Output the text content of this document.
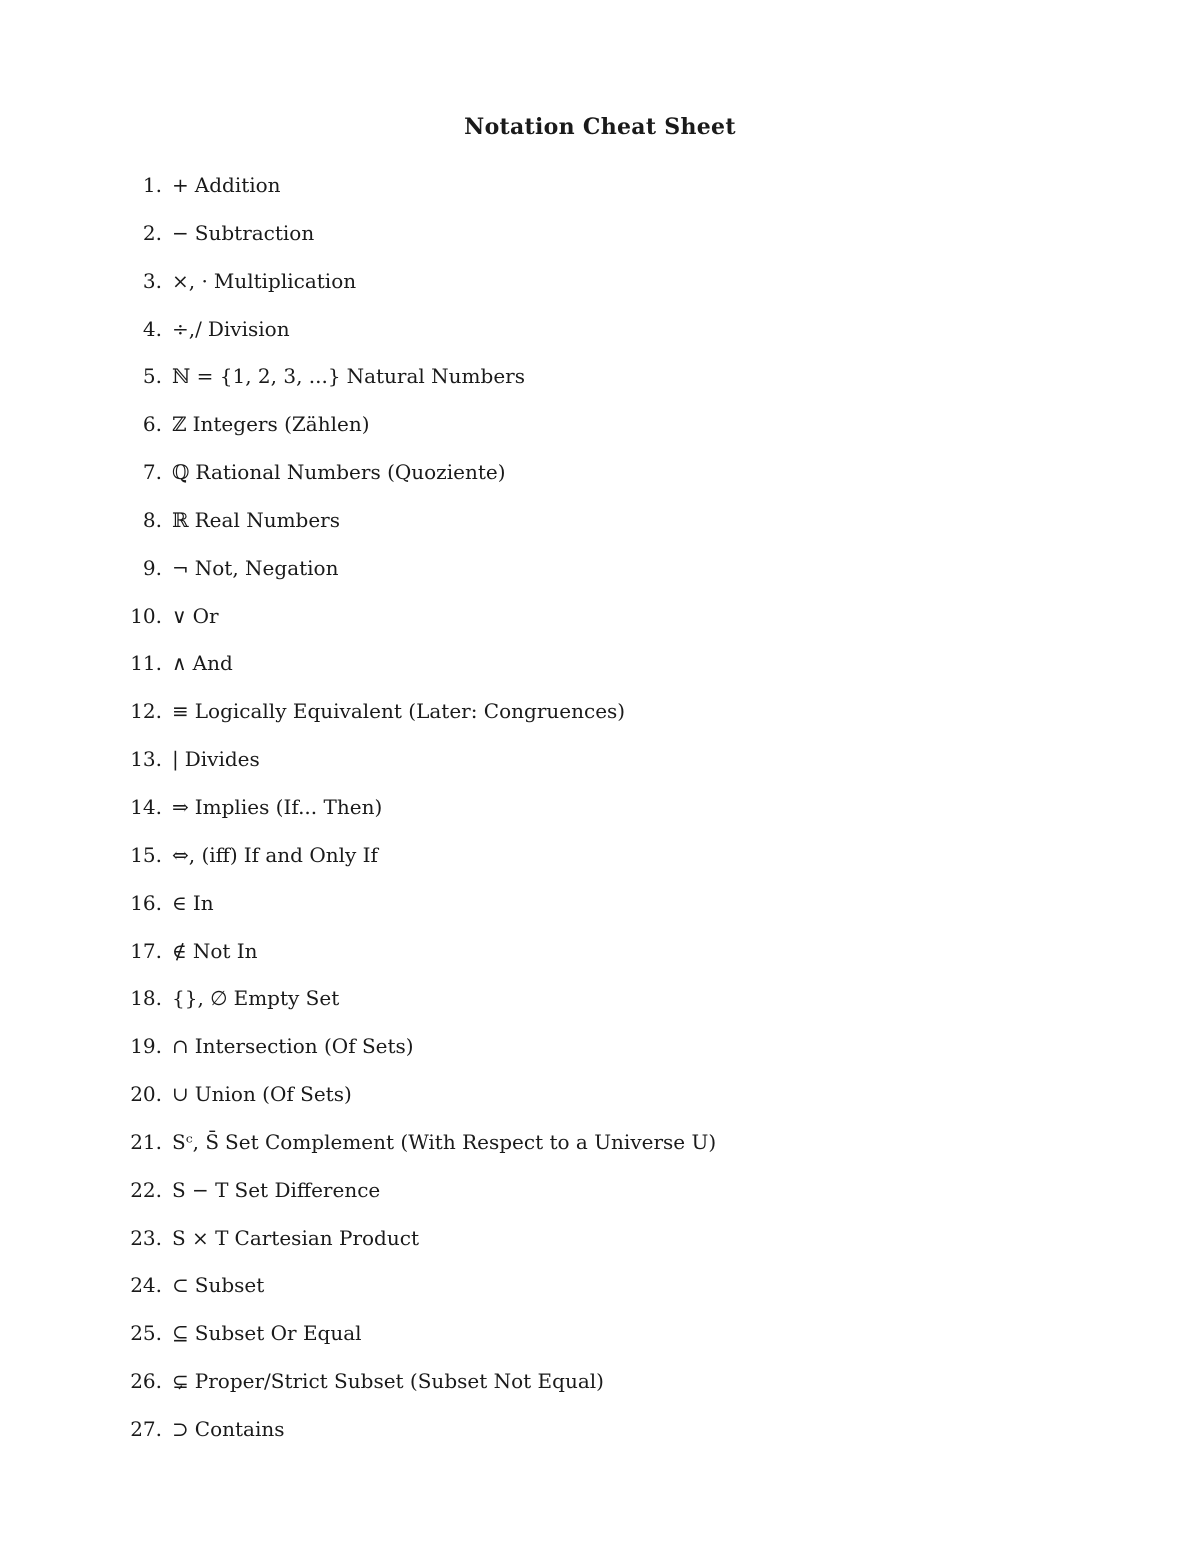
Notation Cheat Sheet
1. + Addition
2. − Subtraction
3. ×, · Multiplication
4. ÷,/ Division
5. ℕ = {1, 2, 3, ...} Natural Numbers
6. ℤ Integers (Zählen)
7. ℚ Rational Numbers (Quoziente)
8. ℝ Real Numbers
9. ¬ Not, Negation
10. ∨ Or
11. ∧ And
12. ≡ Logically Equivalent (Later: Congruences)
13. | Divides
14. ⇒ Implies (If... Then)
15. ⇔, (iff) If and Only If
16. ∈ In
17. ∉ Not In
18. {}, ∅ Empty Set
19. ∩ Intersection (Of Sets)
20. ∪ Union (Of Sets)
21. Sᶜ, S̄ Set Complement (With Respect to a Universe U)
22. S − T Set Difference
23. S × T Cartesian Product
24. ⊂ Subset
25. ⊆ Subset Or Equal
26. ⊊ Proper/Strict Subset (Subset Not Equal)
27. ⊃ Contains
